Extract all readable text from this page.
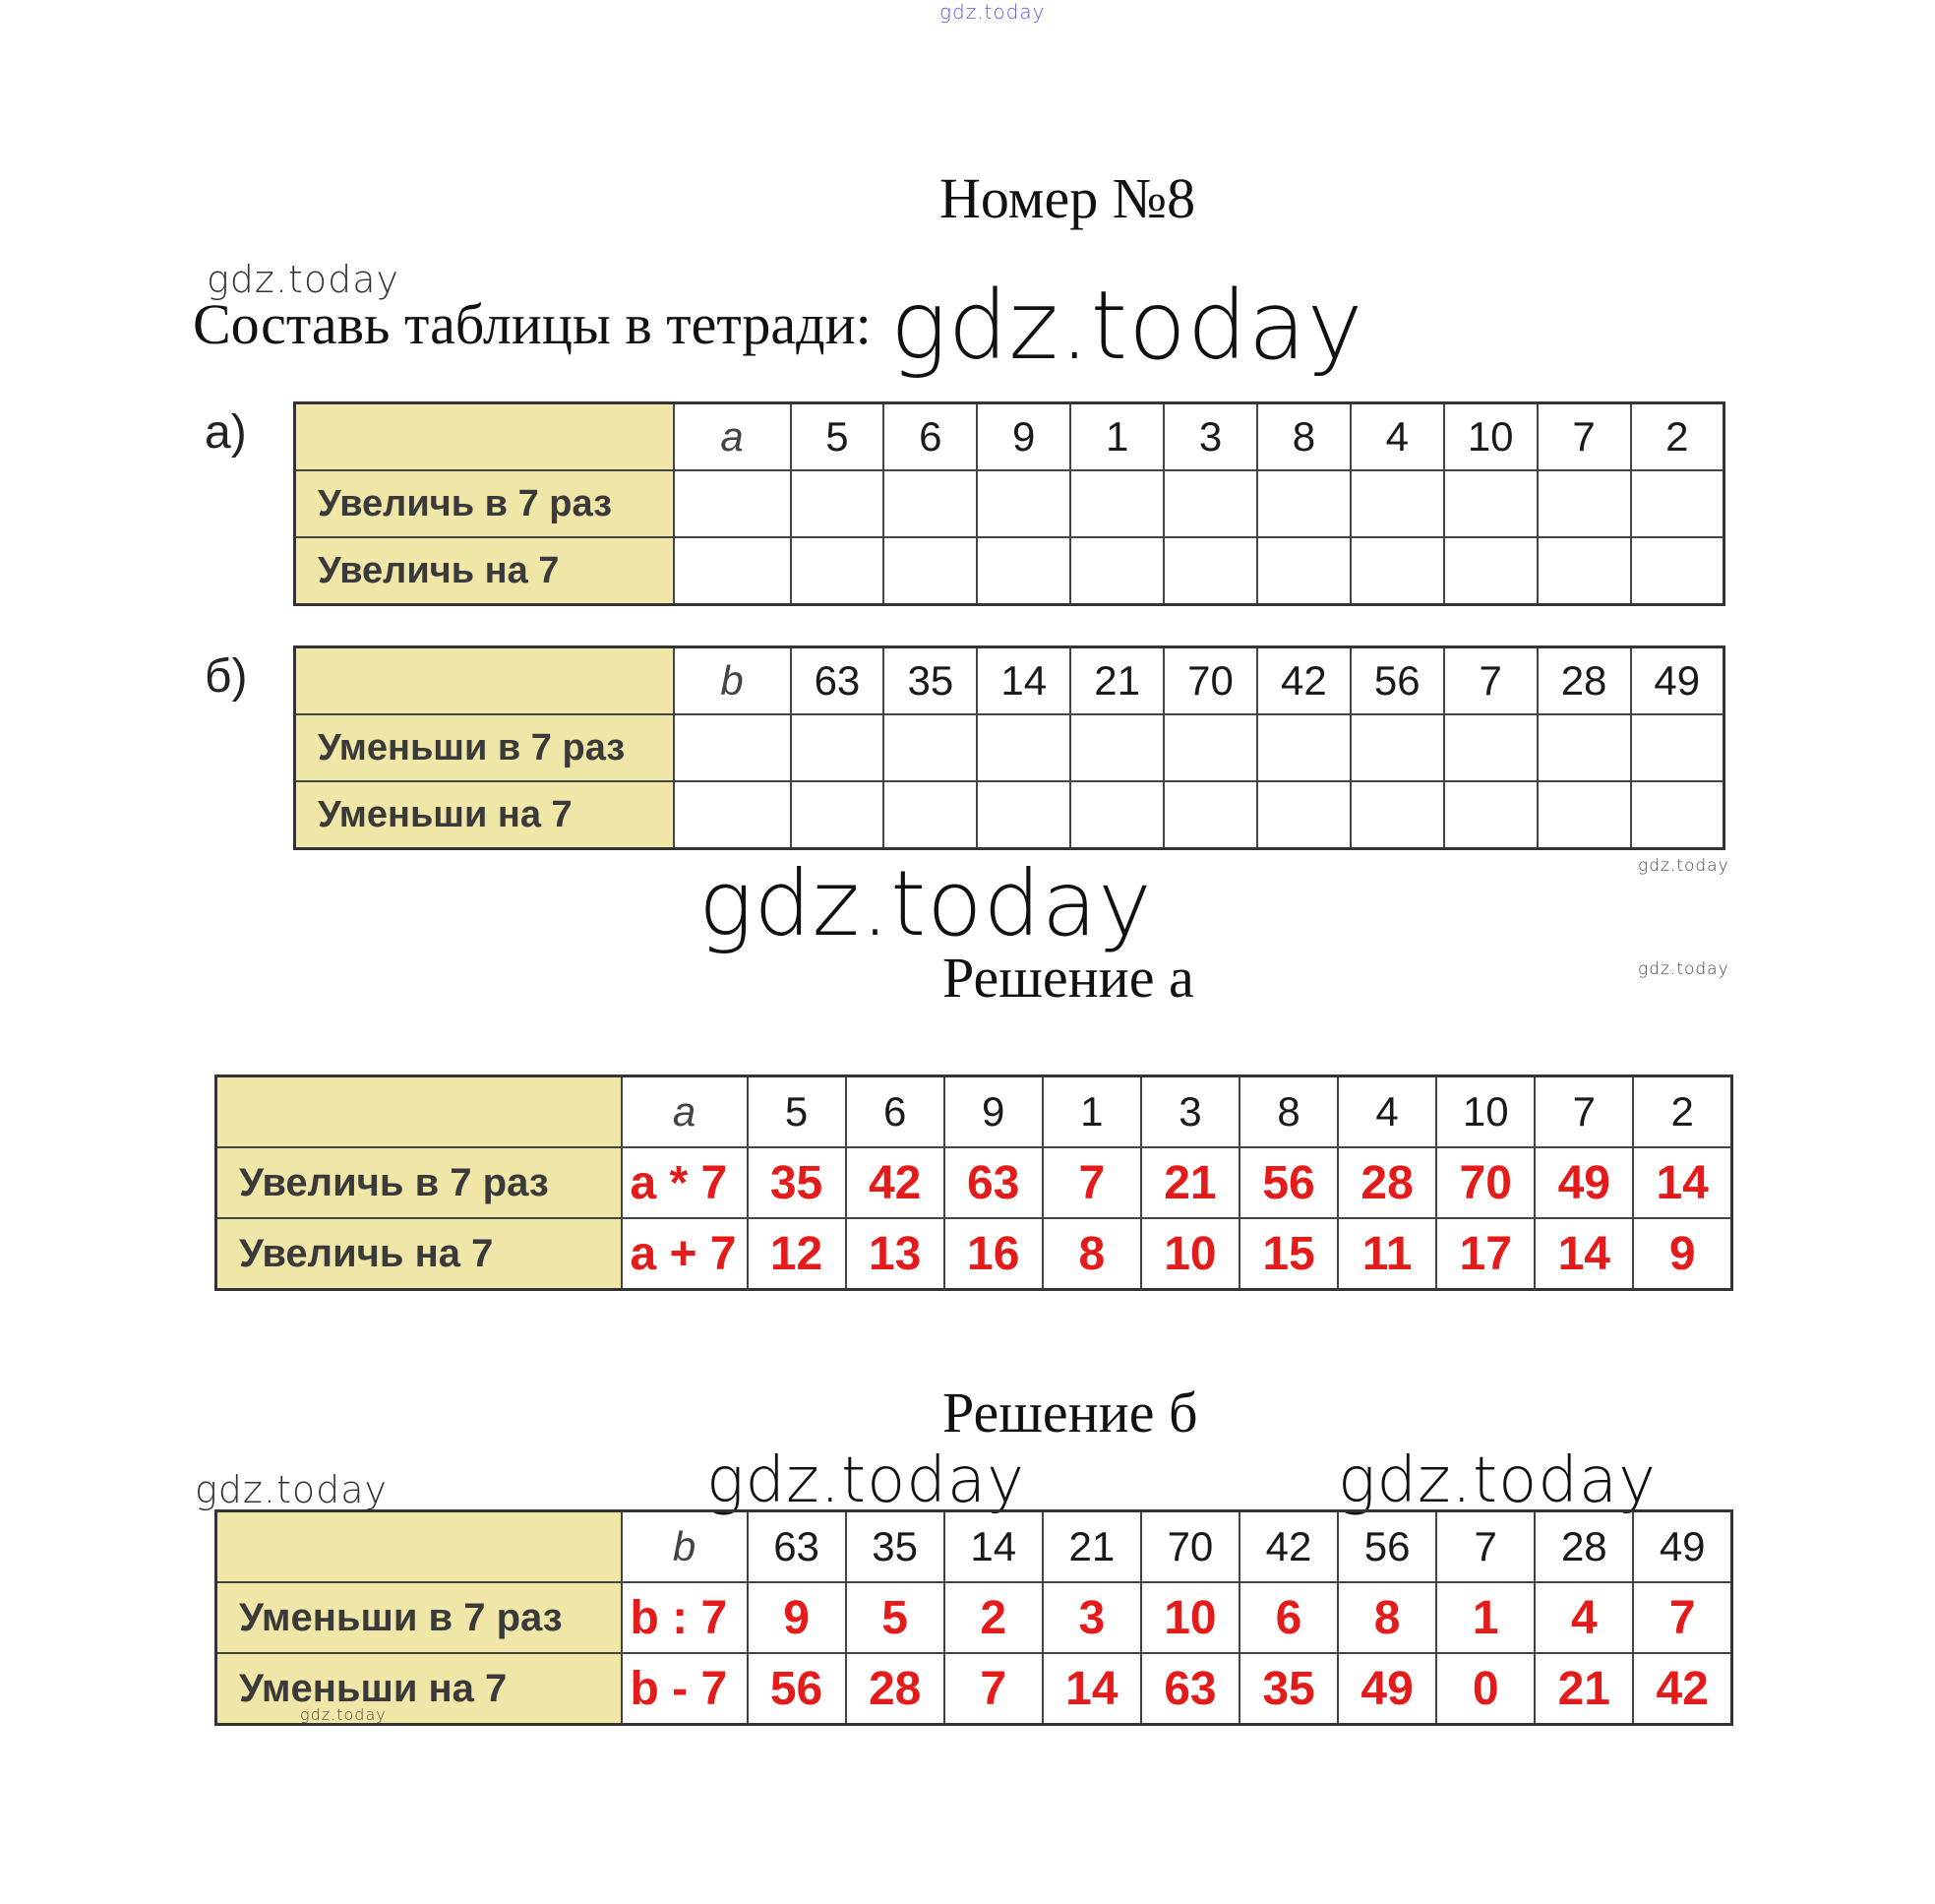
gdz.today
gdz.today	gdz.today
gdz.today	gdz.today
gdz.today
gdz.today	gdz.today
gdz.today
Номер №8
Составь таблицы в тетради:
а)
б)
Решение а
Решение б
	a	5	6	9	1	3	8	4	10	7	2
Увеличь в 7 раз											
Увеличь на 7											
	b	63	35	14	21	70	42	56	7	28	49
Уменьши в 7 раз											
Уменьши на 7											
	a	5	6	9	1	3	8	4	10	7	2
Увеличь в 7 раз	a * 7	35	42	63	7	21	56	28	70	49	14
Увеличь на 7	a + 7	12	13	16	8	10	15	11	17	14	9
	b	63	35	14	21	70	42	56	7	28	49
Уменьши в 7 раз	b : 7	9	5	2	3	10	6	8	1	4	7
Уменьши на 7	b - 7	56	28	7	14	63	35	49	0	21	42
gdz.today
